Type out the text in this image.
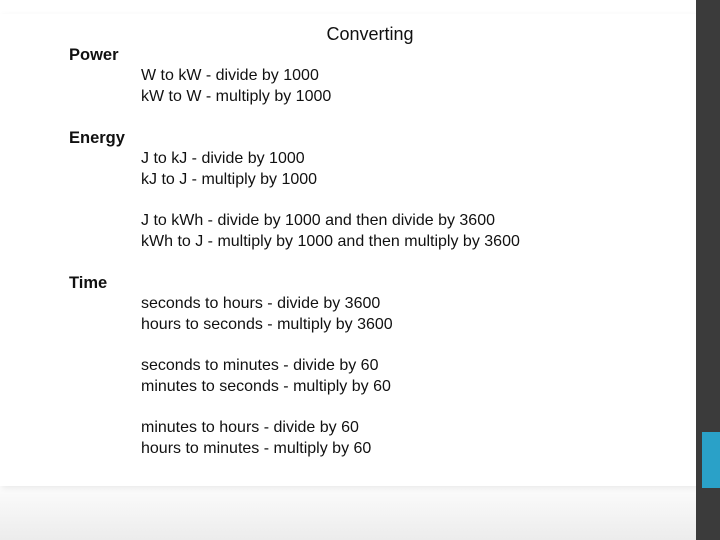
Converting
Power
W to kW - divide by 1000
kW to W - multiply by 1000
Energy
J to kJ - divide by 1000
kJ to J - multiply by 1000
J to kWh - divide by 1000 and then divide by 3600
kWh to J - multiply by 1000 and then multiply by 3600
Time
seconds to hours - divide by 3600
hours to seconds - multiply by 3600
seconds to minutes - divide by 60
minutes to seconds - multiply by 60
minutes to hours - divide by 60
hours to minutes - multiply by 60
